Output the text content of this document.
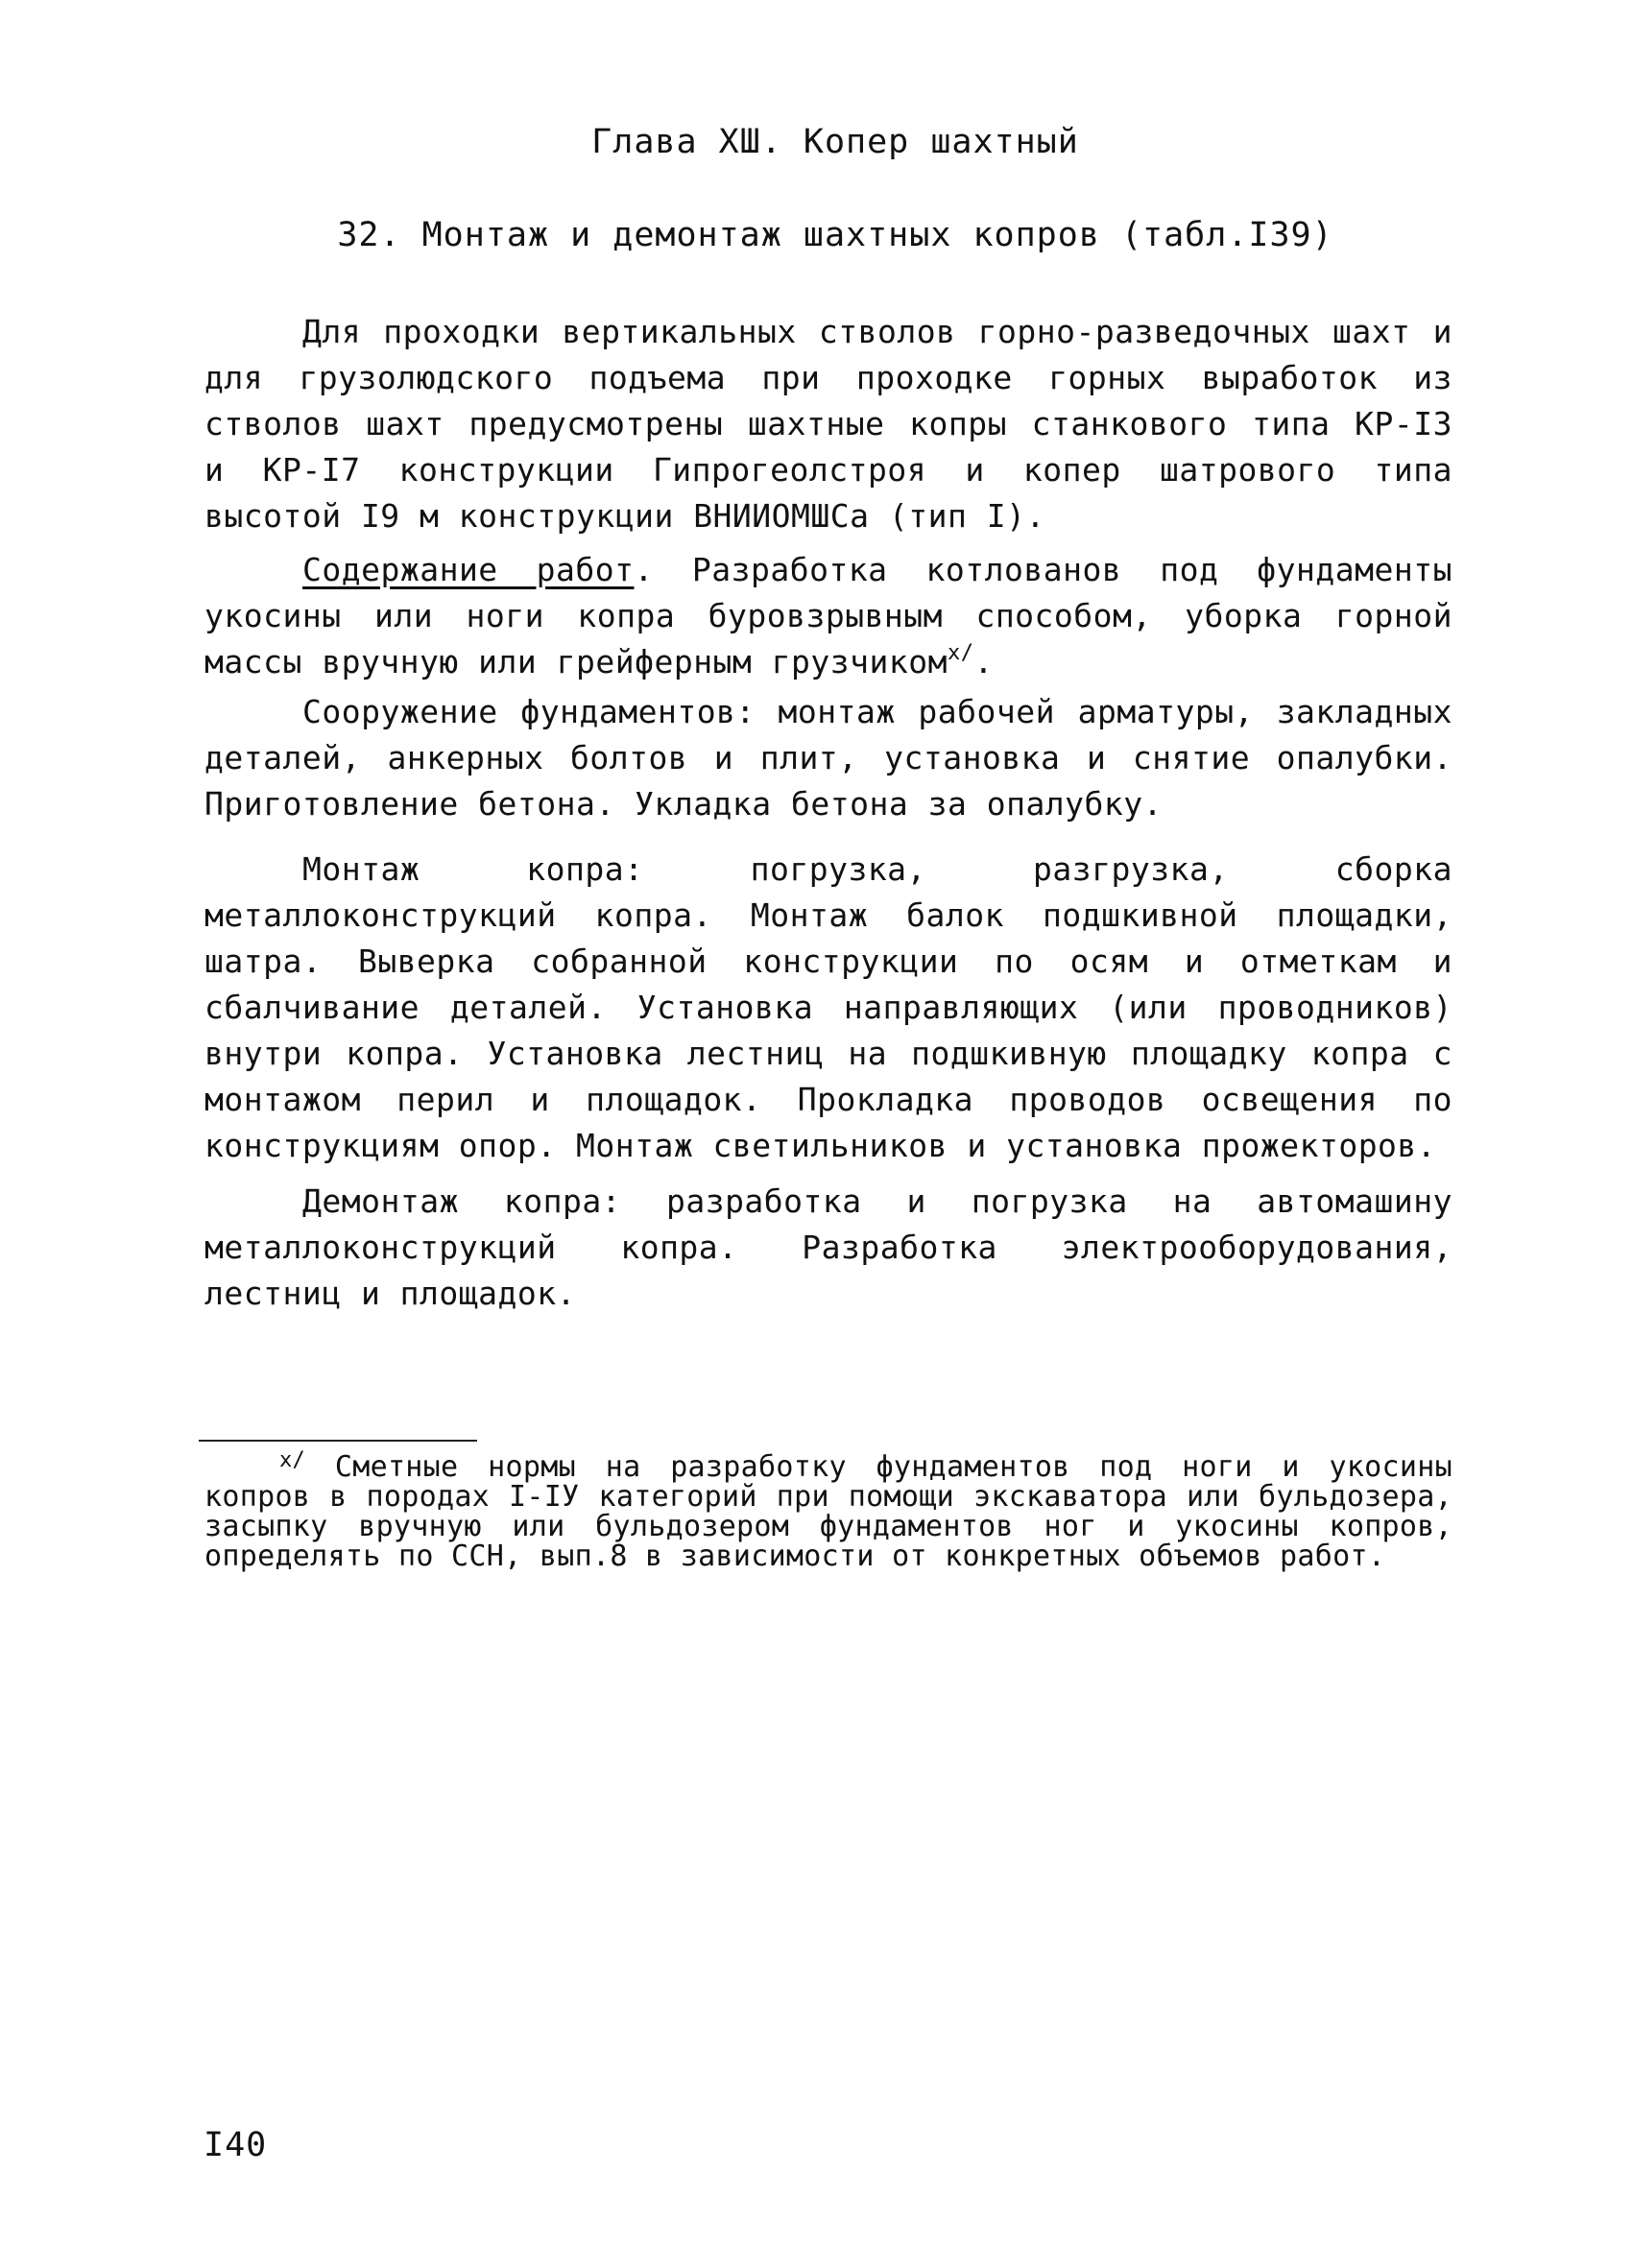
Глава XШ. Копер шахтный
32. Монтаж и демонтаж шахтных копров (табл.I39)

Для проходки вертикальных стволов горно-разведочных шахт и для грузолюдского подъема при проходке горных выработок из стволов шахт предусмотрены шахтные копры станкового типа КР-I3 и КР-I7 конструкции Гипрогеолстроя и копер шатрового типа высотой I9 м конструкции ВНИИОМШСа (тип I).

Содержание работ. Разработка котлованов под фундаменты укосины или ноги копра буровзрывным способом, уборка горной массы вручную или грейферным грузчиком$^{x/}$.

Сооружение фундаментов: монтаж рабочей арматуры, закладных деталей, анкерных болтов и плит, установка и снятие опалубки. Приготовление бетона. Укладка бетона за опалубку.

Монтаж копра: погрузка, разгрузка, сборка металлоконструкций копра. Монтаж балок подшкивной площадки, шатра. Выверка собранной конструкции по осям и отметкам и сбалчивание деталей. Установка направляющих (или проводников) внутри копра. Установка лестниц на подшкивную площадку копра с монтажом перил и площадок. Прокладка проводов освещения по конструкциям опор. Монтаж светильников и установка прожекторов.

Демонтаж копра: разработка и погрузка на автомашину металлоконструкций копра. Разработка электрооборудования, лестниц и площадок.

$^{x/}$ Сметные нормы на разработку фундаментов под ноги и укосины копров в породах I-IУ категорий при помощи экскаватора или бульдозера, засыпку вручную или бульдозером фундаментов ног и укосины копров, определять по ССН, вып.8 в зависимости от конкретных объемов работ.

I40
